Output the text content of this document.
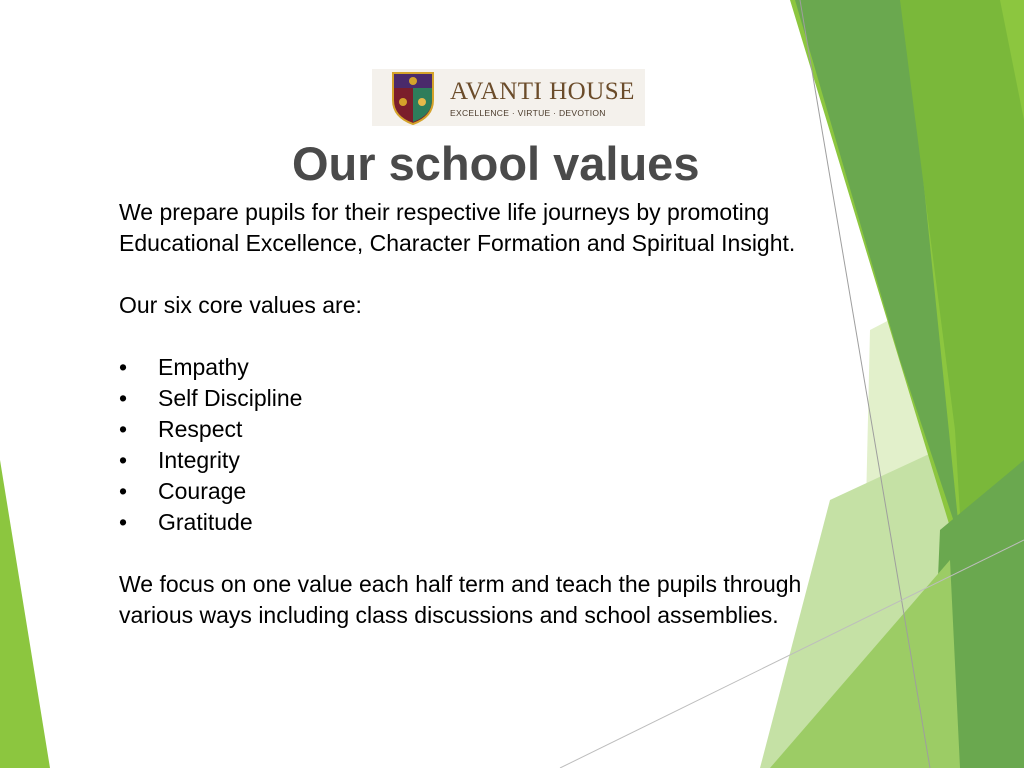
AVANTI HOUSE
EXCELLENCE · VIRTUE · DEVOTION
Our school values

We prepare pupils for their respective life journeys by promoting Educational Excellence, Character Formation and Spiritual Insight.

Our six core values are:

• Empathy
• Self Discipline
• Respect
• Integrity
• Courage
• Gratitude

We focus on one value each half term and teach the pupils through various ways including class discussions and school assemblies.
